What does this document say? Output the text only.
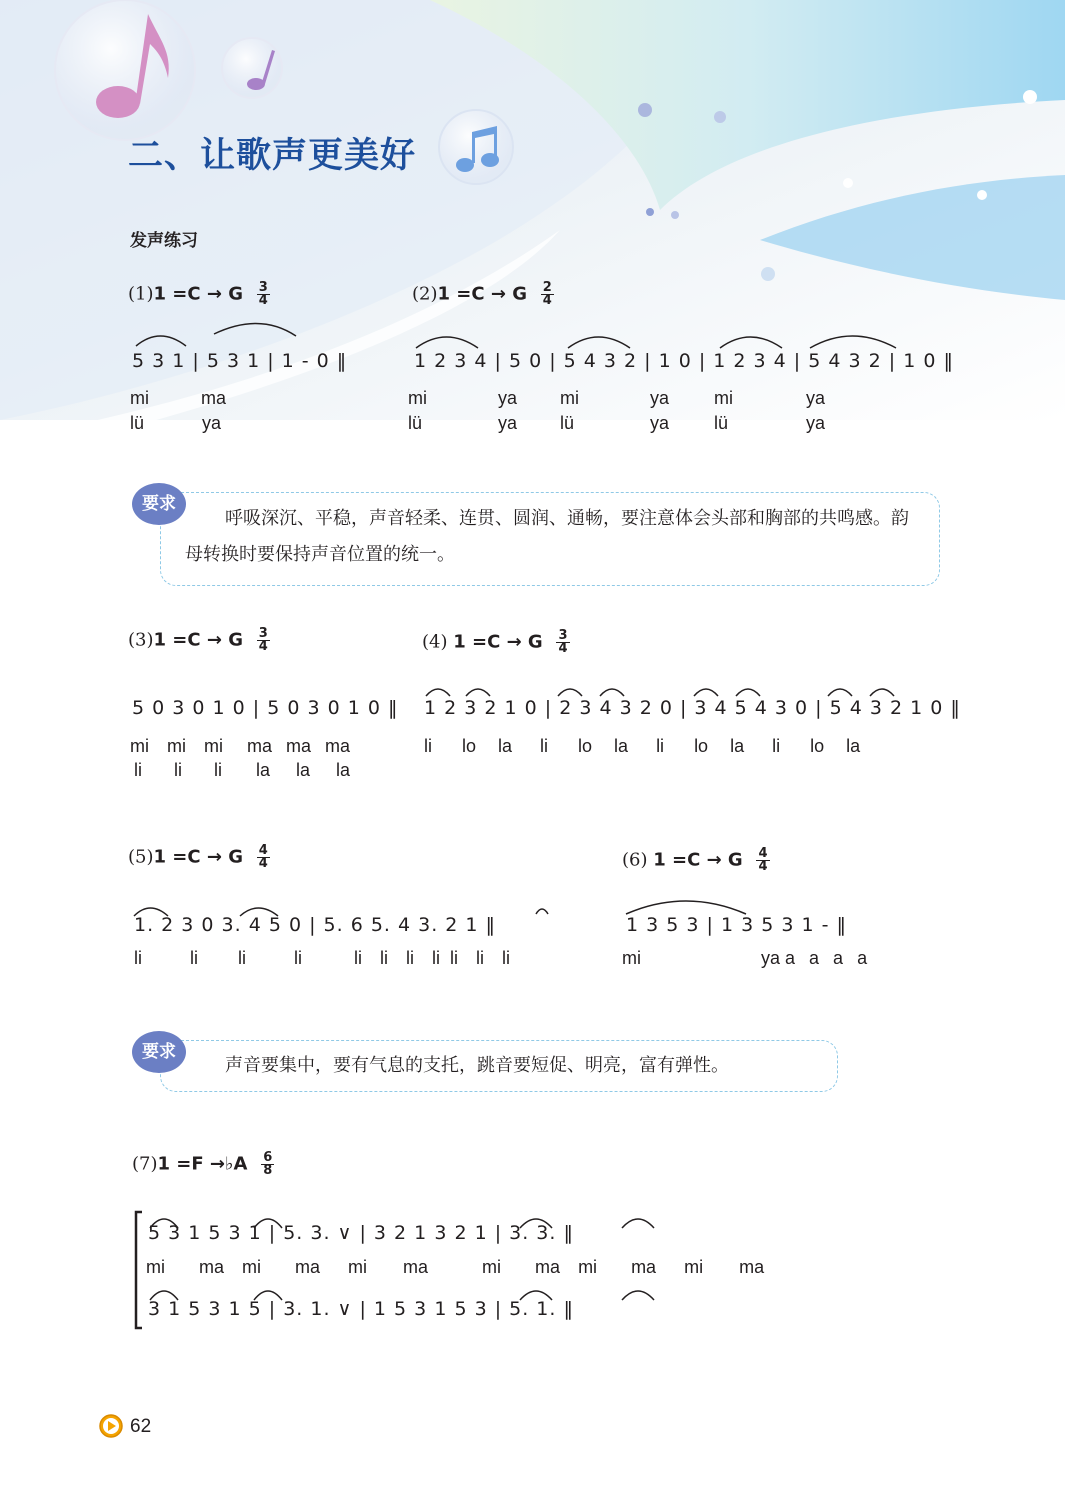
二、让歌声更美好
发声练习
(1)1 =C → G $\frac{3}{4}$
5 3 1 | 5 3 1 | 1 - 0 ‖
mi	ma
lü	ya
(2)1 =C → G $\frac{2}{4}$
1 2 3 4 | 5 0 | 5 4 3 2 | 1 0 | 1 2 3 4 | 5 4 3 2 | 1 0 ‖
mi	ya mi	ya mi	ya
lü	ya lü	ya lü	ya
呼吸深沉、平稳，声音轻柔、连贯、圆润、通畅，要注意体会头部和胸部的共鸣感。韵母转换时要保持声音位置的统一。
要求
(3)1 =C → G $\frac{3}{4}$
5 0 3 0 1 0 | 5 0 3 0 1 0 ‖
mi mi mi ma ma ma
li li li la la la
(4) 1 =C → G $\frac{3}{4}$
1 2 3 2 1 0 | 2 3 4 3 2 0 | 3 4 5 4 3 0 | 5 4 3 2 1 0 ‖
li lo la li lo la li lo la li lo la
(5)1 =C → G $\frac{4}{4}$
1. 2 3 0 3. 4 5 0 | 5. 6 5. 4 3. 2 1 ‖
li	li li	li	li li li li li li li
(6) 1 =C → G $\frac{4}{4}$
1 3 5 3 | 1 3 5 3 1 - ‖
mi	ya a a a a
声音要集中，要有气息的支托，跳音要短促、明亮，富有弹性。
要求
(7)1 =F →♭A $\frac{6}{8}$
5 3 1 5 3 1 | 5. 3. ∨ | 3 2 1 3 2 1 | 3. 3. ‖
mi ma mi ma mi ma	mi ma mi ma mi ma
3 1 5 3 1 5 | 3. 1. ∨ | 1 5 3 1 5 3 | 5. 1. ‖
62
